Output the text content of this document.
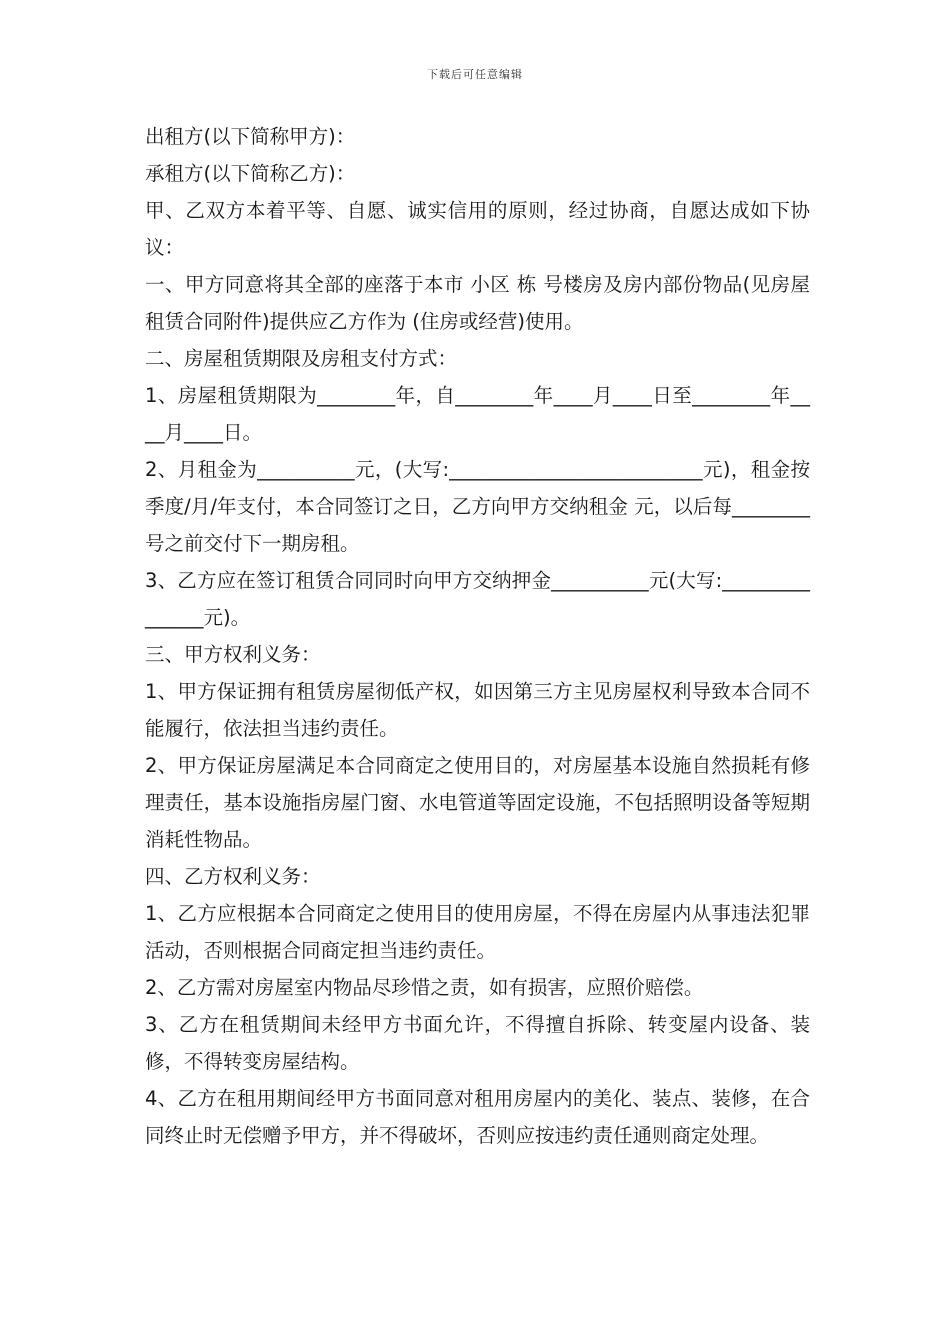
下载后可任意编辑

出租方(以下简称甲方)：

承租方(以下简称乙方)：

甲、乙双方本着平等、自愿、诚实信用的原则，经过协商，自愿达成如下协议：

一、甲方同意将其全部的座落于本市 小区 栋 号楼房及房内部份物品(见房屋租赁合同附件)提供应乙方作为 (住房或经营)使用。

二、房屋租赁期限及房租支付方式：

1、房屋租赁期限为________年，自________年____月____日至________年____月____日。

2、月租金为__________元，(大写:__________________________元)，租金按季度/月/年支付，本合同签订之日，乙方向甲方交纳租金 元，以后每________ 号之前交付下一期房租。

3、乙方应在签订租赁合同同时向甲方交纳押金__________元(大写:_______________元)。

三、甲方权利义务：

1、甲方保证拥有租赁房屋彻低产权，如因第三方主见房屋权利导致本合同不能履行，依法担当违约责任。

2、甲方保证房屋满足本合同商定之使用目的，对房屋基本设施自然损耗有修理责任，基本设施指房屋门窗、水电管道等固定设施，不包括照明设备等短期消耗性物品。

四、乙方权利义务：

1、乙方应根据本合同商定之使用目的使用房屋，不得在房屋内从事违法犯罪活动，否则根据合同商定担当违约责任。

2、乙方需对房屋室内物品尽珍惜之责，如有损害，应照价赔偿。

3、乙方在租赁期间未经甲方书面允许，不得擅自拆除、转变屋内设备、装修，不得转变房屋结构。

4、乙方在租用期间经甲方书面同意对租用房屋内的美化、装点、装修，在合同终止时无偿赠予甲方，并不得破坏，否则应按违约责任通则商定处理。
